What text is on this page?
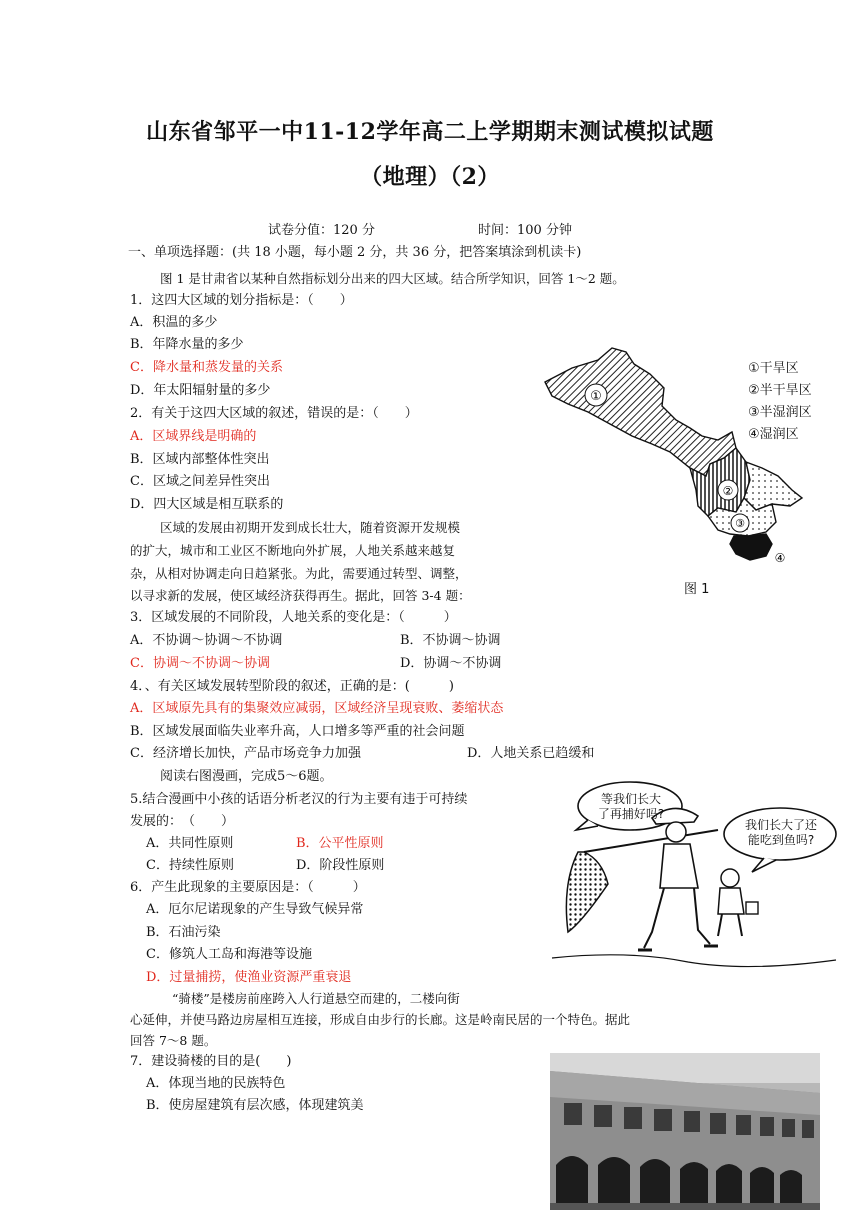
山东省邹平一中11-12学年高二上学期期末测试模拟试题
（地理）（2）
试卷分值：120 分	时间：100 分钟
一、单项选择题：(共 18 小题，每小题 2 分，共 36 分，把答案填涂到机读卡)
图 1 是甘肃省以某种自然指标划分出来的四大区域。结合所学知识，回答 1～2 题。
1．这四大区域的划分指标是：（　　）
A．积温的多少
B．年降水量的多少
C．降水量和蒸发量的关系
D．年太阳辐射量的多少
2．有关于这四大区域的叙述，错误的是：（　　）
A．区域界线是明确的
B．区域内部整体性突出
C．区域之间差异性突出
D．四大区域是相互联系的
区域的发展由初期开发到成长壮大，随着资源开发规模
的扩大，城市和工业区不断地向外扩展，人地关系越来越复
杂，从相对协调走向日趋紧张。为此，需要通过转型、调整，
以寻求新的发展，使区域经济获得再生。据此，回答 3-4 题：
3．区域发展的不同阶段，人地关系的变化是：（　　　）
A．不协调～协调～不协调	B．不协调～协调
C．协调～不协调～协调	D．协调～不协调
4．、有关区域发展转型阶段的叙述，正确的是：(　　　)
A．区域原先具有的集聚效应减弱，区域经济呈现衰败、萎缩状态
B．区域发展面临失业率升高，人口增多等严重的社会问题
C．经济增长加快，产品市场竞争力加强	D．人地关系已趋缓和
阅读右图漫画，完成5～6题。
5.结合漫画中小孩的话语分析老汉的行为主要有违于可持续
发展的：　（　　）
A．共同性原则	B．公平性原则
C．持续性原则	D．阶段性原则
6．产生此现象的主要原因是：（　　　）
A．厄尔尼诺现象的产生导致气候异常
B．石油污染
C．修筑人工岛和海港等设施
D．过量捕捞，使渔业资源严重衰退
“骑楼”是楼房前座跨入人行道悬空而建的，二楼向街
心延伸，并使马路边房屋相互连接，形成自由步行的长廊。这是岭南民居的一个特色。据此
回答 7～8 题。
7．建设骑楼的目的是(　　)
A．体现当地的民族特色
B．使房屋建筑有层次感，体现建筑美
①
②
③
④
①干旱区
②半干旱区
③半湿润区
④湿润区
图 1
等我们长大
了再捕好吗?
我们长大了还
能吃到鱼吗?
